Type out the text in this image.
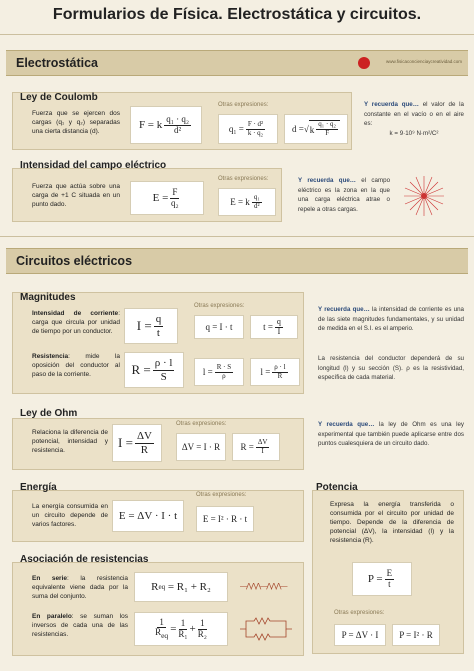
Formularios de Física. Electrostática y circuitos.
Electrostática	www.fisicaconcienciaycreatividad.com
Ley de Coulomb
Fuerza que se ejercen dos cargas (q₁ y q₂) separadas una cierta distancia (d).
F = k
q₁ · q₂
d²
Otras expresiones:
q₁ =
F · d²
k · q₂	d = √ k
q₁ · q₂
F
Y recuerda que… el valor de la constante en el vacío o en el aire es:
k = 9·10⁹ N·m²/C²
Intensidad del campo eléctrico
Fuerza que actúa sobre una carga de +1 C situada en un punto dado.
E =
F
q₂
Otras expresiones:
E = k
q₁
d²
Y recuerda que… el campo eléctrico es la zona en la que una carga eléctrica atrae o repele a otras cargas.
Circuitos eléctricos
Magnitudes
Intensidad de corriente: carga que circula por unidad de tiempo por un conductor.	I = q
t
Otras expresiones:
q = I · t	t =
q
I
Resistencia: mide la oposición del conductor al paso de la corriente.	R = ρ · l
S	l =
R · S
ρ	l =
ρ · l
R
Y recuerda que… la intensidad de corriente es una de las siete magnitudes fundamentales, y su unidad de medida en el S.I. es el amperio.
La resistencia del conductor dependerá de su longitud (l) y su sección (S). ρ es la resistividad, específica de cada material.
Ley de Ohm
Relaciona la diferencia de potencial, intensidad y resistencia.
I = ΔV
R
Otras expresiones:
ΔV = I · R	R =
ΔV
I
Y recuerda que… la ley de Ohm es una ley experimental que también puede aplicarse entre dos puntos cualesquiera de un circuito dado.
Energía
La energía consumida en un circuito depende de varios factores.
E = ΔV · I · t
Otras expresiones:
E = I² · R · t
Potencia
Expresa la energía transferida o consumida por el circuito por unidad de tiempo. Depende de la diferencia de potencial (ΔV), la intensidad (I) y la resistencia (R).
P =
E
t
Otras expresiones:
P = ΔV · I	P = I² · R
Asociación de resistencias
En serie: la resistencia equivalente viene dada por la suma del conjunto.
R eq = R₁ + R₂	—⋀⋀⋀—⋀⋀⋀—
En paralelo: se suman los inversos de cada una de las resistencias.
1
$R_{eq}$
=
1
R₁ +
1
R₂
